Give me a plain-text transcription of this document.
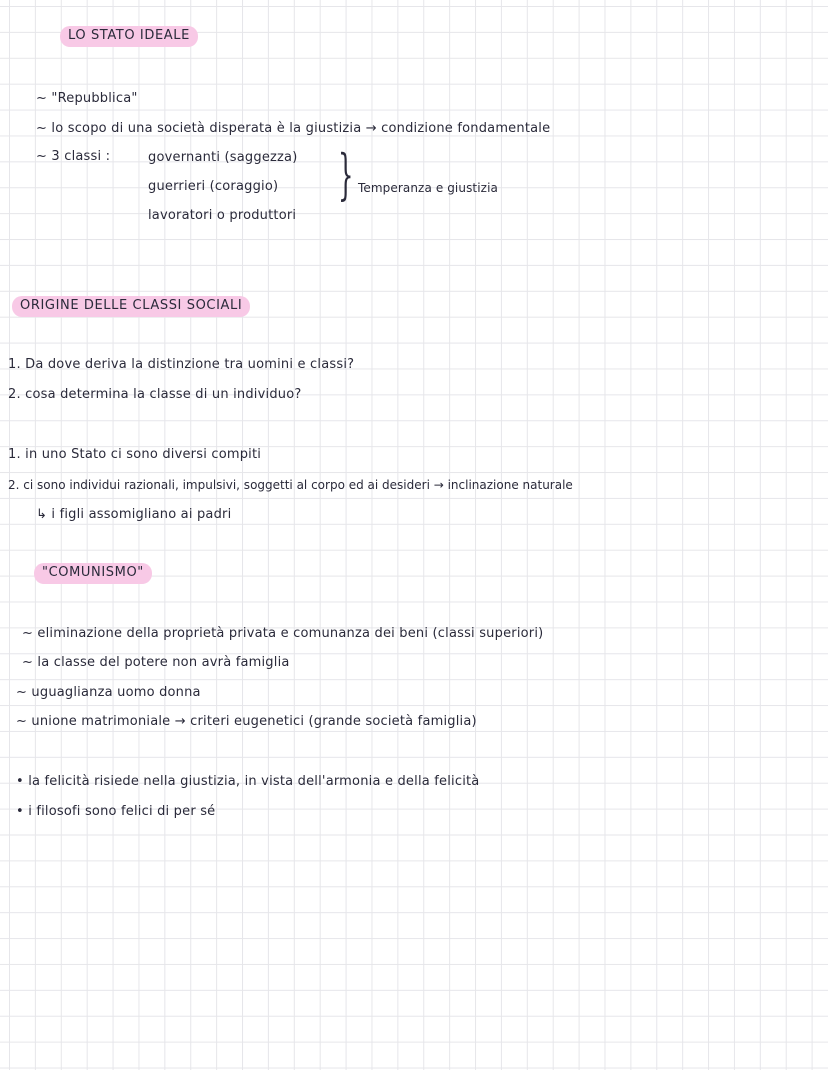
LO STATO IDEALE
~ "Repubblica"
~ lo scopo di una società disperata è la giustizia → condizione fondamentale
~ 3 classi :	governanti (saggezza)
guerrieri (coraggio)
lavoratori o produttori
} Temperanza e giustizia
ORIGINE DELLE CLASSI SOCIALI
1. Da dove deriva la distinzione tra uomini e classi?
2. cosa determina la classe di un individuo?
1. in uno Stato ci sono diversi compiti
2. ci sono individui razionali, impulsivi, soggetti al corpo ed ai desideri → inclinazione naturale
↳ i figli assomigliano ai padri
"COMUNISMO"
~ eliminazione della proprietà privata e comunanza dei beni (classi superiori)
~ la classe del potere non avrà famiglia
~ uguaglianza uomo donna
~ unione matrimoniale → criteri eugenetici (grande società famiglia)
• la felicità risiede nella giustizia, in vista dell'armonia e della felicità
• i filosofi sono felici di per sé
